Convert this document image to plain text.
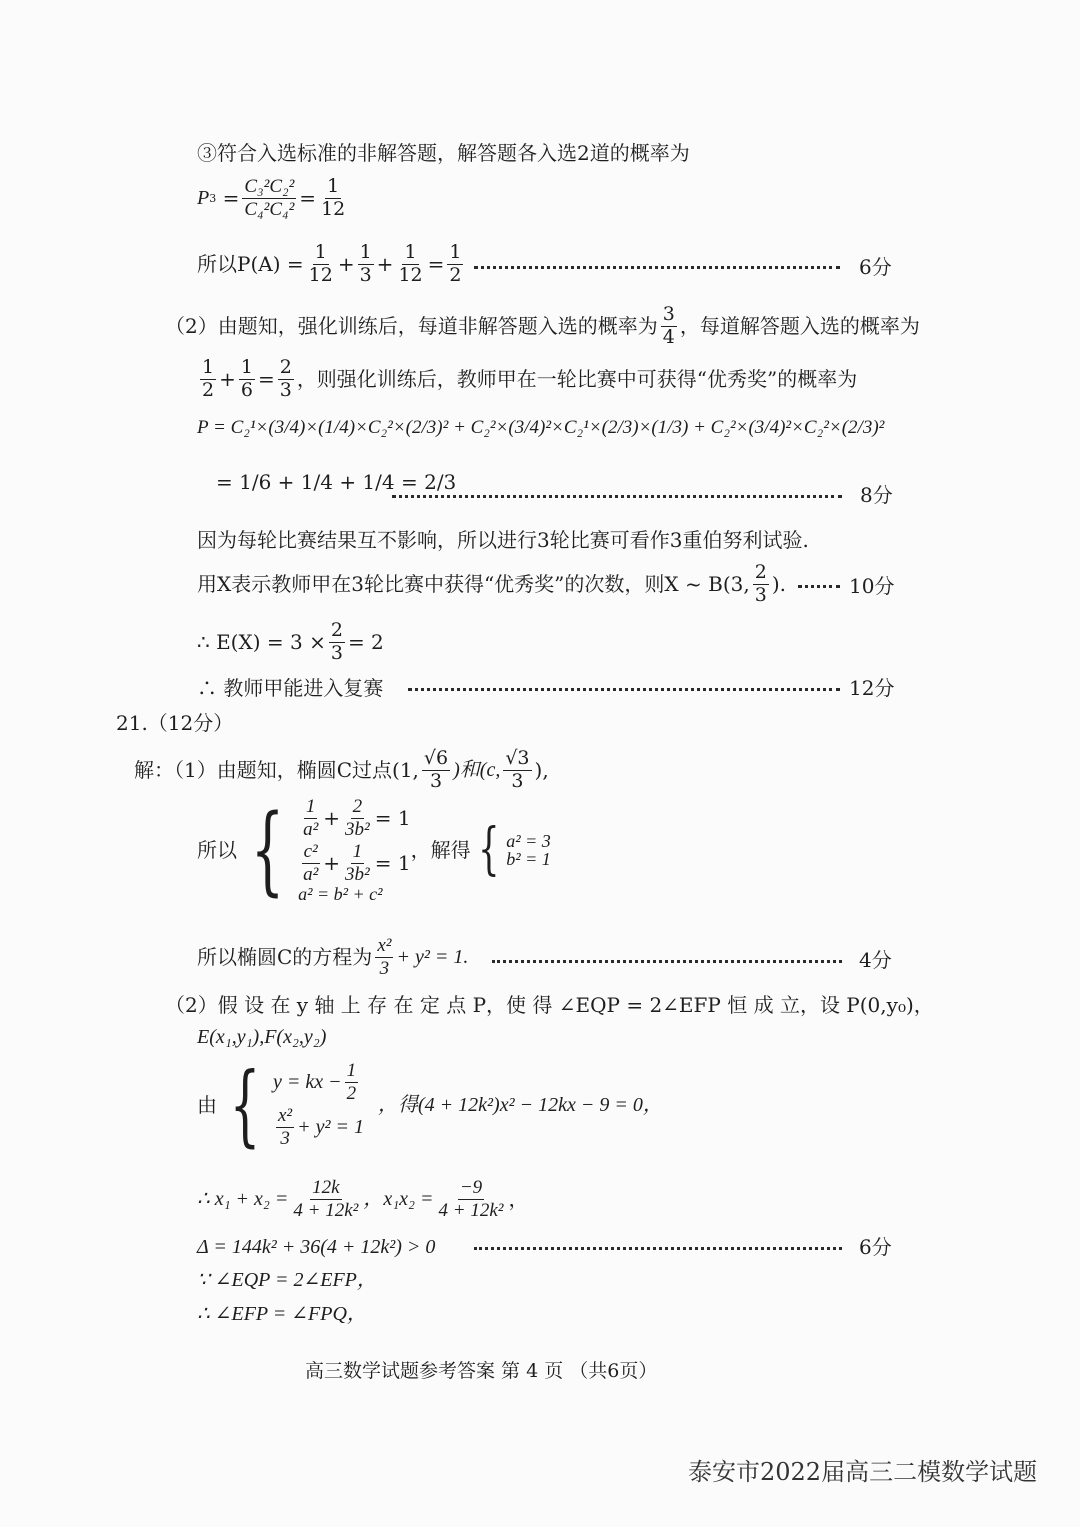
③符合入选标准的非解答题，解答题各入选2道的概率为
P $3 = \frac{\text{C₃²C₂²}}{\text{C₄²C₄²}} = \frac{1}{12}$
所以$P(A) = \frac{1}{12} + \frac{1}{3} + \frac{1}{12} = \frac{1}{2}$	6分
（2）由题知，强化训练后，每道非解答题入选的概率为 $\frac{3}{4}$ ，每道解答题入选的概率为
$\frac{1}{2} + \frac{1}{6} = \frac{2}{3}$ ，则强化训练后，教师甲在一轮比赛中可获得“优秀奖”的概率为
P = C₂¹×(3/4)×(1/4)×C₂²×(2/3)² + C₂²×(3/4)²×C₂¹×(2/3)×(1/3) + C₂²×(3/4)²×C₂²×(2/3)²
= 1/6 + 1/4 + 1/4 = 2/3
8分
因为每轮比赛结果互不影响，所以进行3轮比赛可看作3重伯努利试验.
用X表示教师甲在3轮比赛中获得“优秀奖”的次数，则X ~ B(3, $\frac{2}{3}$ ).	10分
∴ $E(X) = 3 \times \frac{2}{3} = 2$
∴ 教师甲能进入复赛	12分
21.（12分）
解：（1）由题知，椭圆C过点 (1, $\frac{√6}{3}$ )和(c, $\frac{√3}{3}$ ),
所以 { $\frac{1}{\text{a²}} + \frac{2}{\text{3b²}} = 1$
$\frac{\text{c²}}{\text{a²}} + \frac{1}{\text{3b²}} = 1$
a² = b² + c²
，解得 { a² = 3
b² = 1
所以椭圆C的方程为 $\frac{\text{x²}}{3} + y^2 = 1$.	4分
（2）假 设 在 y 轴 上 存 在 定 点 P，使 得 ∠EQP = 2∠EFP 恒 成 立，设 P(0,y₀)，
E(x₁,y₁),F(x₂,y₂)
由 { y = kx − $\frac{1}{2}$
$\frac{\text{x²}}{3} + y^2 = 1$
，得(4 + 12k²)x² − 12kx − 9 = 0，
∴ $x_1 + x_2 = \frac{12k}{\text{4 + 12k²}}$ ，$x_1x_2 = \frac{-9}{\text{4 + 12k²}}$ ，
Δ = 144k² + 36(4 + 12k²) > 0	6分
∵ ∠EQP = 2∠EFP，
∴ ∠EFP = ∠FPQ，
高三数学试题参考答案 第 4 页 （共6页）
泰安市2022届高三二模数学试题
